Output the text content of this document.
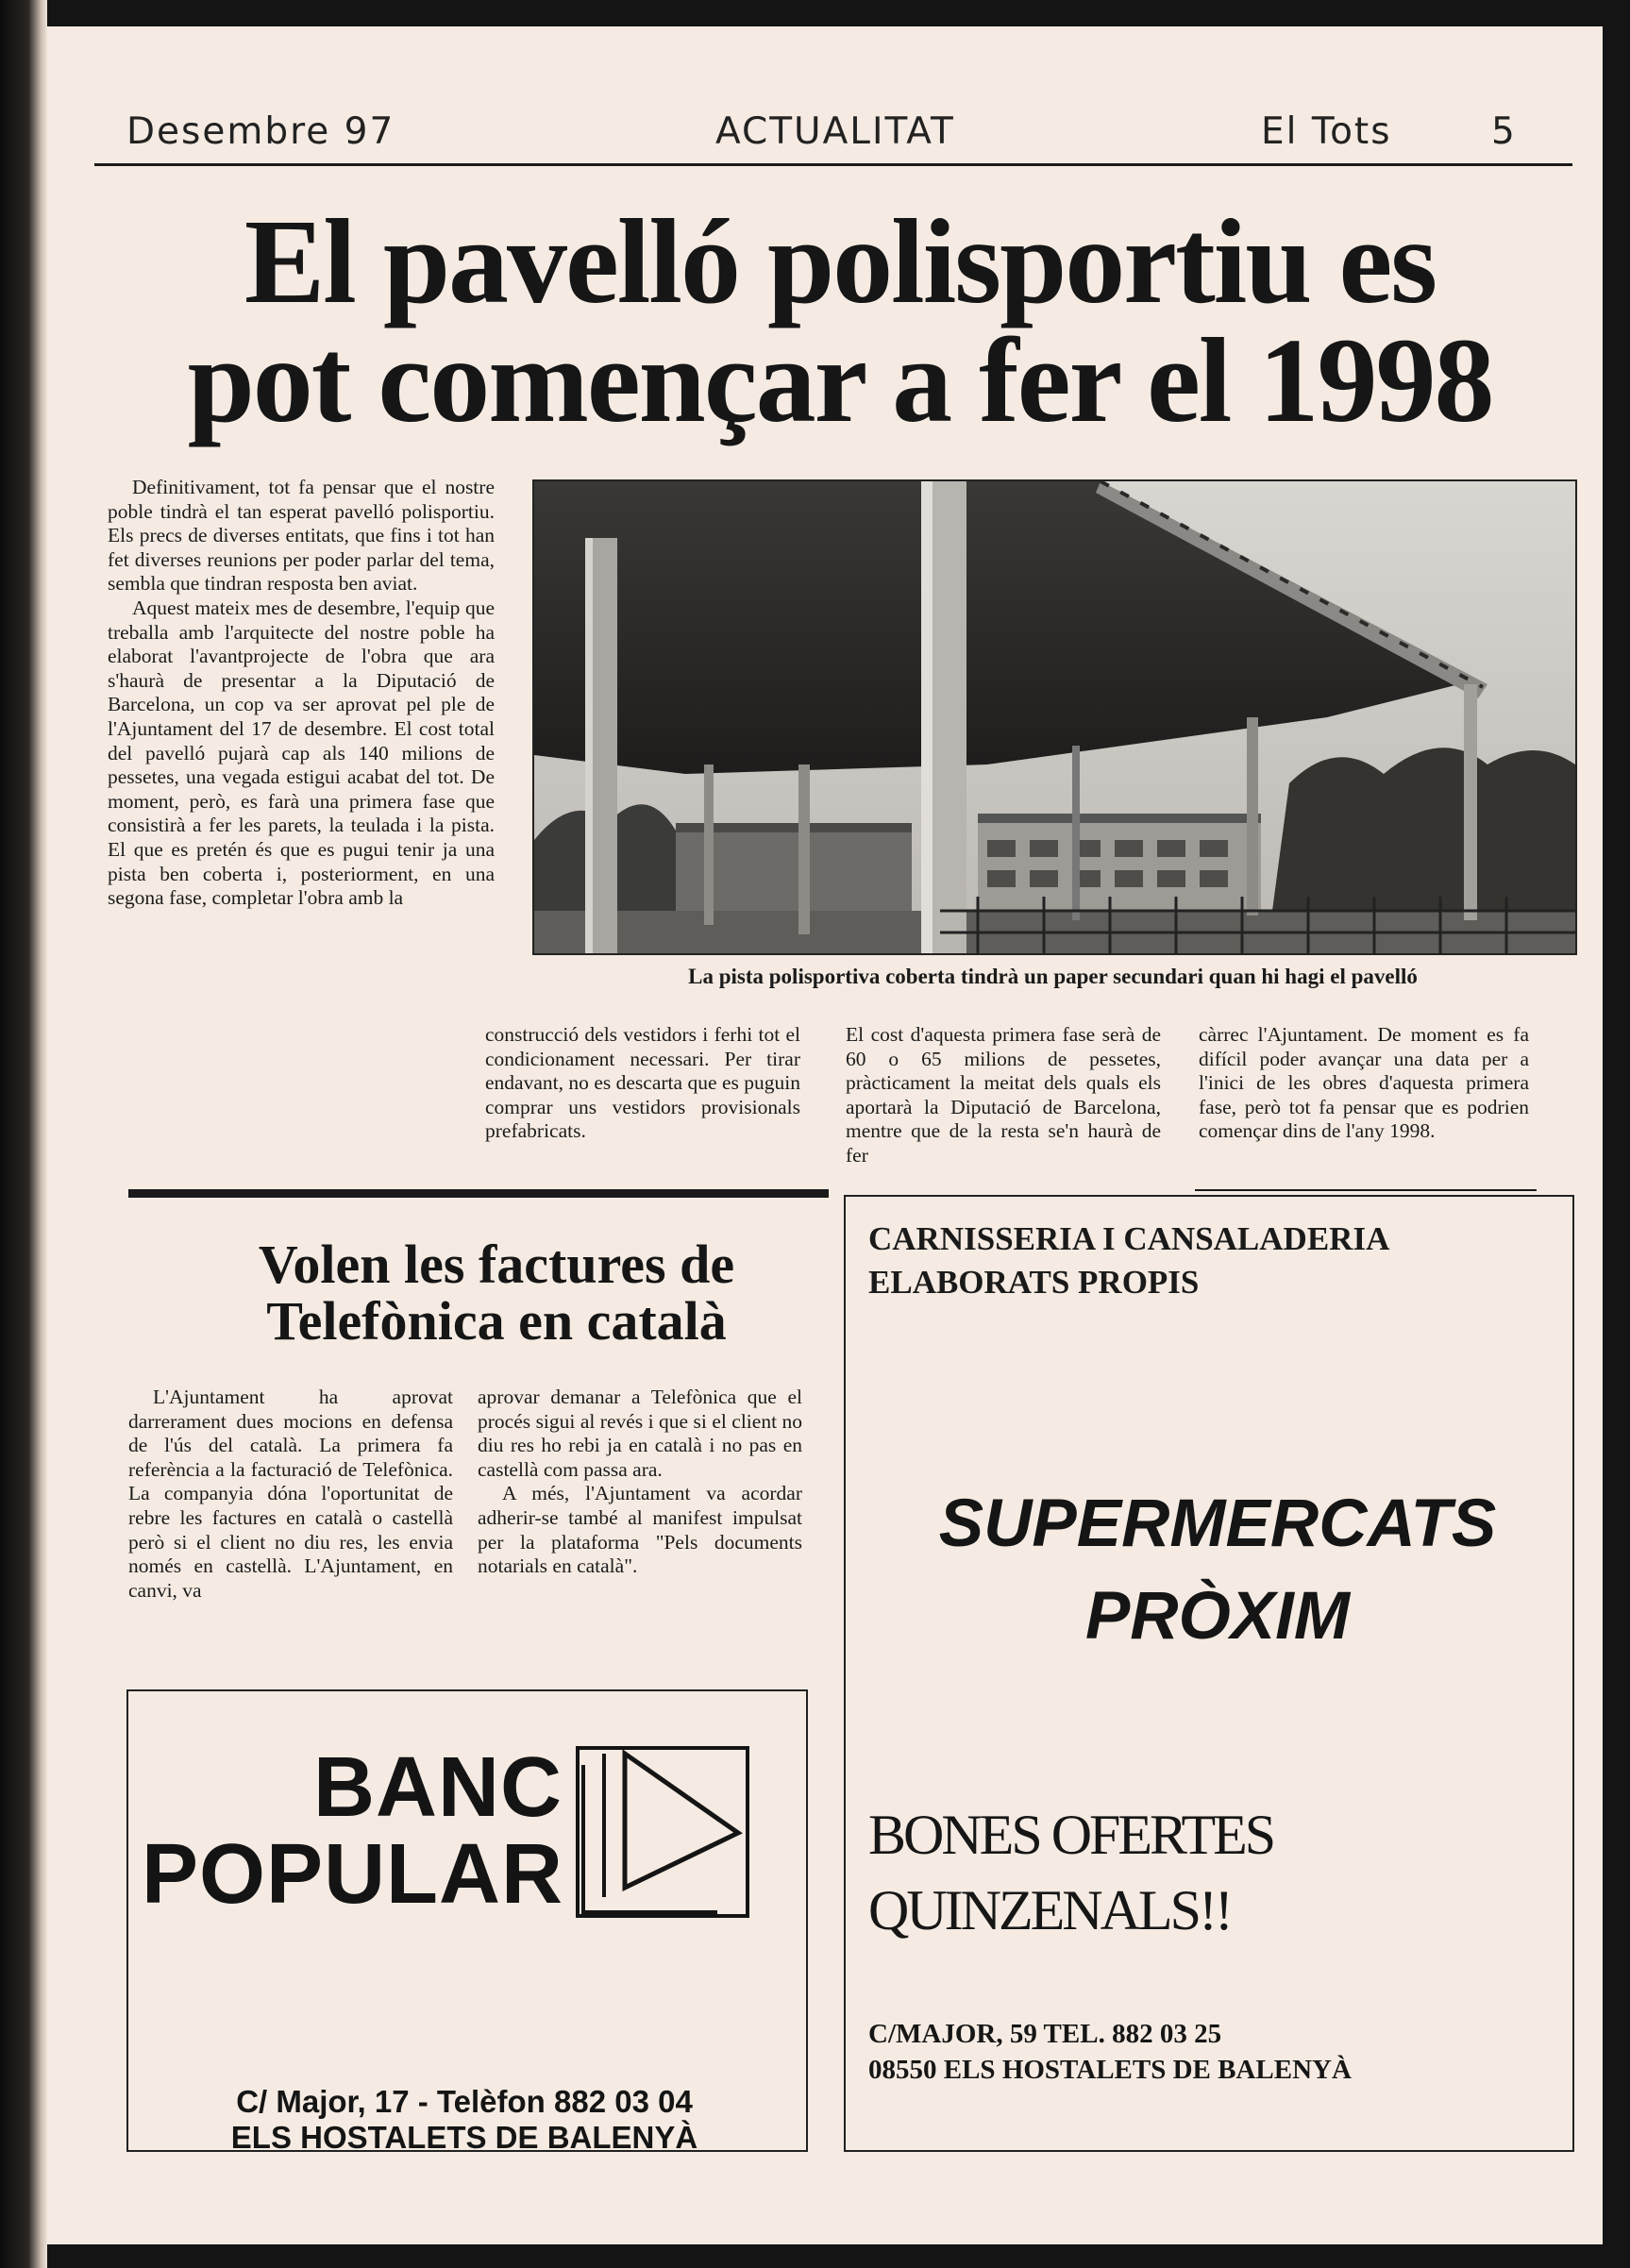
Desembre 97	ACTUALITAT	El Tots	5
El pavelló polisportiu es
pot començar a fer el 1998

Definitivament, tot fa pensar que el nostre poble tindrà el tan esperat pavelló polisportiu. Els precs de diverses entitats, que fins i tot han fet diverses reunions per poder parlar del tema, sembla que tindran resposta ben aviat.

Aquest mateix mes de desembre, l'equip que treballa amb l'arquitecte del nostre poble ha elaborat l'avantprojecte de l'obra que ara s'haurà de presentar a la Diputació de Barcelona, un cop va ser aprovat pel ple de l'Ajuntament del 17 de desembre. El cost total del pavelló pujarà cap als 140 milions de pessetes, una vegada estigui acabat del tot. De moment, però, es farà una primera fase que consistirà a fer les parets, la teulada i la pista. El que es pretén és que es pugui tenir ja una pista ben coberta i, posteriorment, en una segona fase, completar l'obra amb la

La pista polisportiva coberta tindrà un paper secundari quan hi hagi el pavelló
construcció dels vestidors i ferhi tot el condicionament necessari. Per tirar endavant, no es descarta que es puguin comprar uns vestidors provisionals prefabricats.
El cost d'aquesta primera fase serà de 60 o 65 milions de pessetes, pràcticament la meitat dels quals els aportarà la Diputació de Barcelona, mentre que de la resta se'n haurà de fer
càrrec l'Ajuntament. De moment es fa difícil poder avançar una data per a l'inici de les obres d'aquesta primera fase, però tot fa pensar que es podrien començar dins de l'any 1998.
Volen les factures de
Telefònica en català

L'Ajuntament ha aprovat darrerament dues mocions en defensa de l'ús del català. La primera fa referència a la facturació de Telefònica. La companyia dóna l'oportunitat de rebre les factures en català o castellà però si el client no diu res, les envia només en castellà. L'Ajuntament, en canvi, va

aprovar demanar a Telefònica que el procés sigui al revés i que si el client no diu res ho rebi ja en català i no pas en castellà com passa ara.

A més, l'Ajuntament va acordar adherir-se també al manifest impulsat per la plataforma "Pels documents notarials en català".

BANC
POPULAR
C/ Major, 17 - Telèfon 882 03 04
ELS HOSTALETS DE BALENYÀ
CARNISSERIA I CANSALADERIA
ELABORATS PROPIS
SUPERMERCATS
PRÒXIM
BONES OFERTES
QUINZENALS!!
C/MAJOR, 59 TEL. 882 03 25
08550 ELS HOSTALETS DE BALENYÀ
